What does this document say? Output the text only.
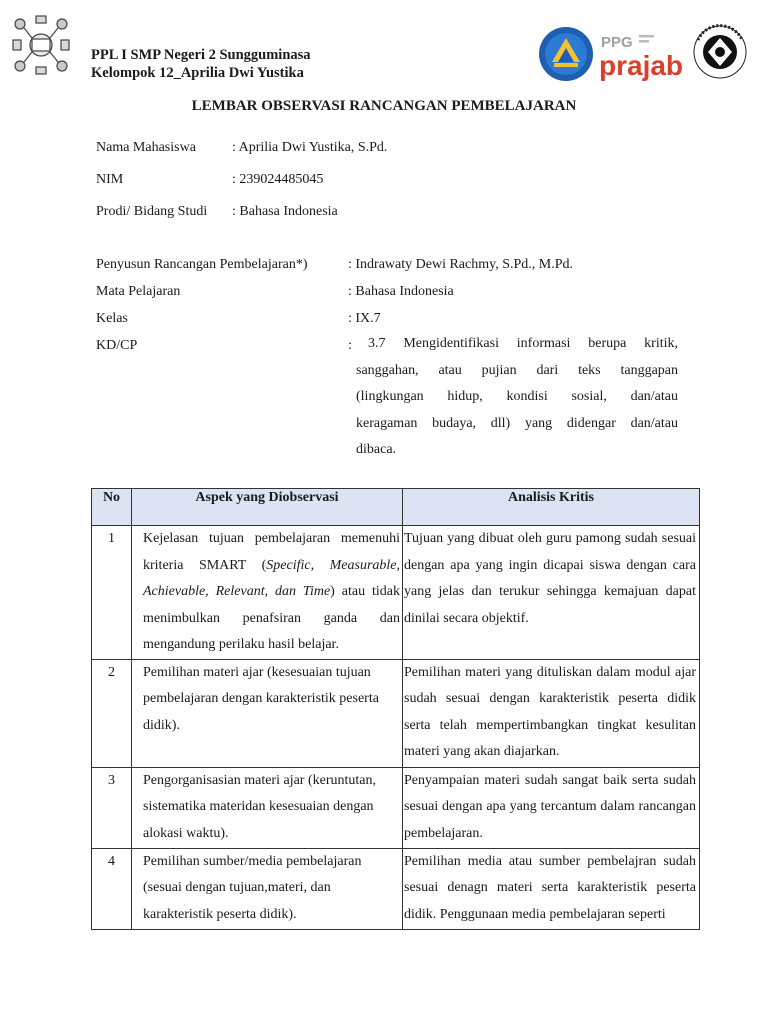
PPL I SMP Negeri 2 Sungguminasa
Kelompok 12_Aprilia Dwi Yustika
PPG
prajab
LEMBAR OBSERVASI RANCANGAN PEMBELAJARAN
Nama Mahasiswa	: Aprilia Dwi Yustika, S.Pd.
NIM	: 239024485045
Prodi/ Bidang Studi : Bahasa Indonesia
Penyusun Rancangan Pembelajaran*)	: Indrawaty Dewi Rachmy, S.Pd., M.Pd.
Mata Pelajaran	: Bahasa Indonesia
Kelas	: IX.7
KD/CP	:	3.7 Mengidentifikasi informasi berupa kritik,
sanggahan, atau pujian dari teks tanggapan
(lingkungan hidup, kondisi sosial, dan/atau
keragaman budaya, dll) yang didengar dan/atau
dibaca.
No	Aspek yang Diobservasi	Analisis Kritis
1	Kejelasan tujuan pembelajaran memenuhi kriteria SMART (Specific, Measurable, Achievable, Relevant, dan Time) atau tidak menimbulkan penafsiran ganda dan mengandung perilaku hasil belajar.	Tujuan yang dibuat oleh guru pamong sudah sesuai dengan apa yang ingin dicapai siswa dengan cara yang jelas dan terukur sehingga kemajuan dapat dinilai secara objektif.
2	Pemilihan materi ajar (kesesuaian tujuan pembelajaran dengan karakteristik peserta didik).	Pemilihan materi yang dituliskan dalam modul ajar sudah sesuai dengan karakteristik peserta didik serta telah mempertimbangkan tingkat kesulitan materi yang akan diajarkan.
3	Pengorganisasian materi ajar (keruntutan, sistematika materidan kesesuaian dengan alokasi waktu).	Penyampaian materi sudah sangat baik serta sudah sesuai dengan apa yang tercantum dalam rancangan pembelajaran.
4	Pemilihan sumber/media pembelajaran (sesuai dengan tujuan,materi, dan karakteristik peserta didik).	Pemilihan media atau sumber pembelajran sudah sesuai denagn materi serta karakteristik peserta didik. Penggunaan media pembelajaran seperti
